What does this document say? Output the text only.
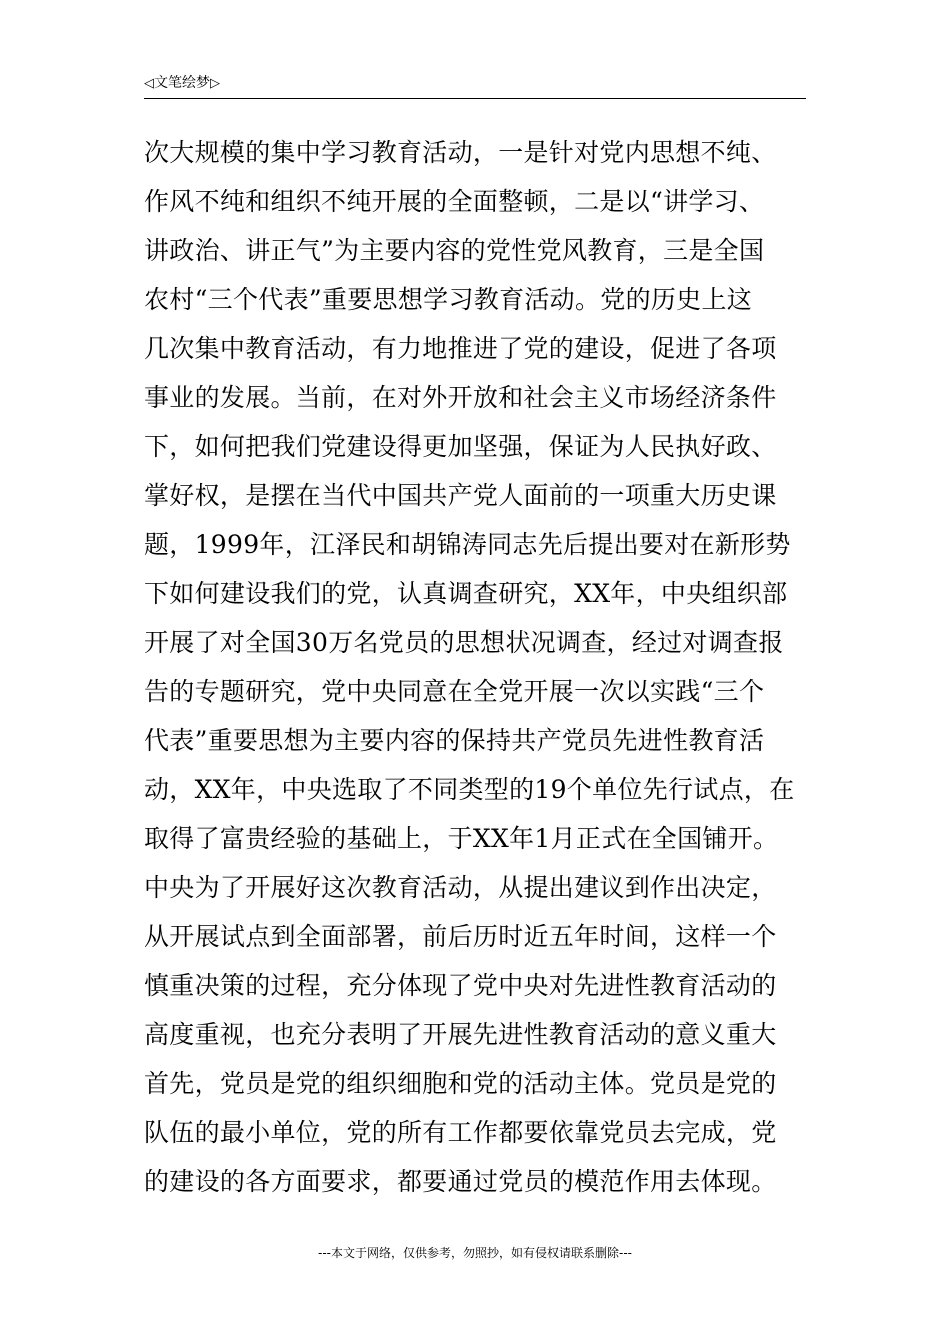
◁文笔绘梦▷
次大规模的集中学习教育活动，一是针对党内思想不纯、
作风不纯和组织不纯开展的全面整顿，二是以“讲学习、
讲政治、讲正气”为主要内容的党性党风教育，三是全国
农村“三个代表”重要思想学习教育活动。党的历史上这
几次集中教育活动，有力地推进了党的建设，促进了各项
事业的发展。当前，在对外开放和社会主义市场经济条件
下，如何把我们党建设得更加坚强，保证为人民执好政、
掌好权，是摆在当代中国共产党人面前的一项重大历史课
题，1999年，江泽民和胡锦涛同志先后提出要对在新形势
下如何建设我们的党，认真调查研究，XX年，中央组织部
开展了对全国30万名党员的思想状况调查，经过对调查报
告的专题研究，党中央同意在全党开展一次以实践“三个
代表”重要思想为主要内容的保持共产党员先进性教育活
动，XX年，中央选取了不同类型的19个单位先行试点，在
取得了富贵经验的基础上，于XX年1月正式在全国铺开。
中央为了开展好这次教育活动，从提出建议到作出决定，
从开展试点到全面部署，前后历时近五年时间，这样一个
慎重决策的过程，充分体现了党中央对先进性教育活动的
高度重视，也充分表明了开展先进性教育活动的意义重大
首先，党员是党的组织细胞和党的活动主体。党员是党的
队伍的最小单位，党的所有工作都要依靠党员去完成，党
的建设的各方面要求，都要通过党员的模范作用去体现。
---本文于网络，仅供参考，勿照抄，如有侵权请联系删除---
